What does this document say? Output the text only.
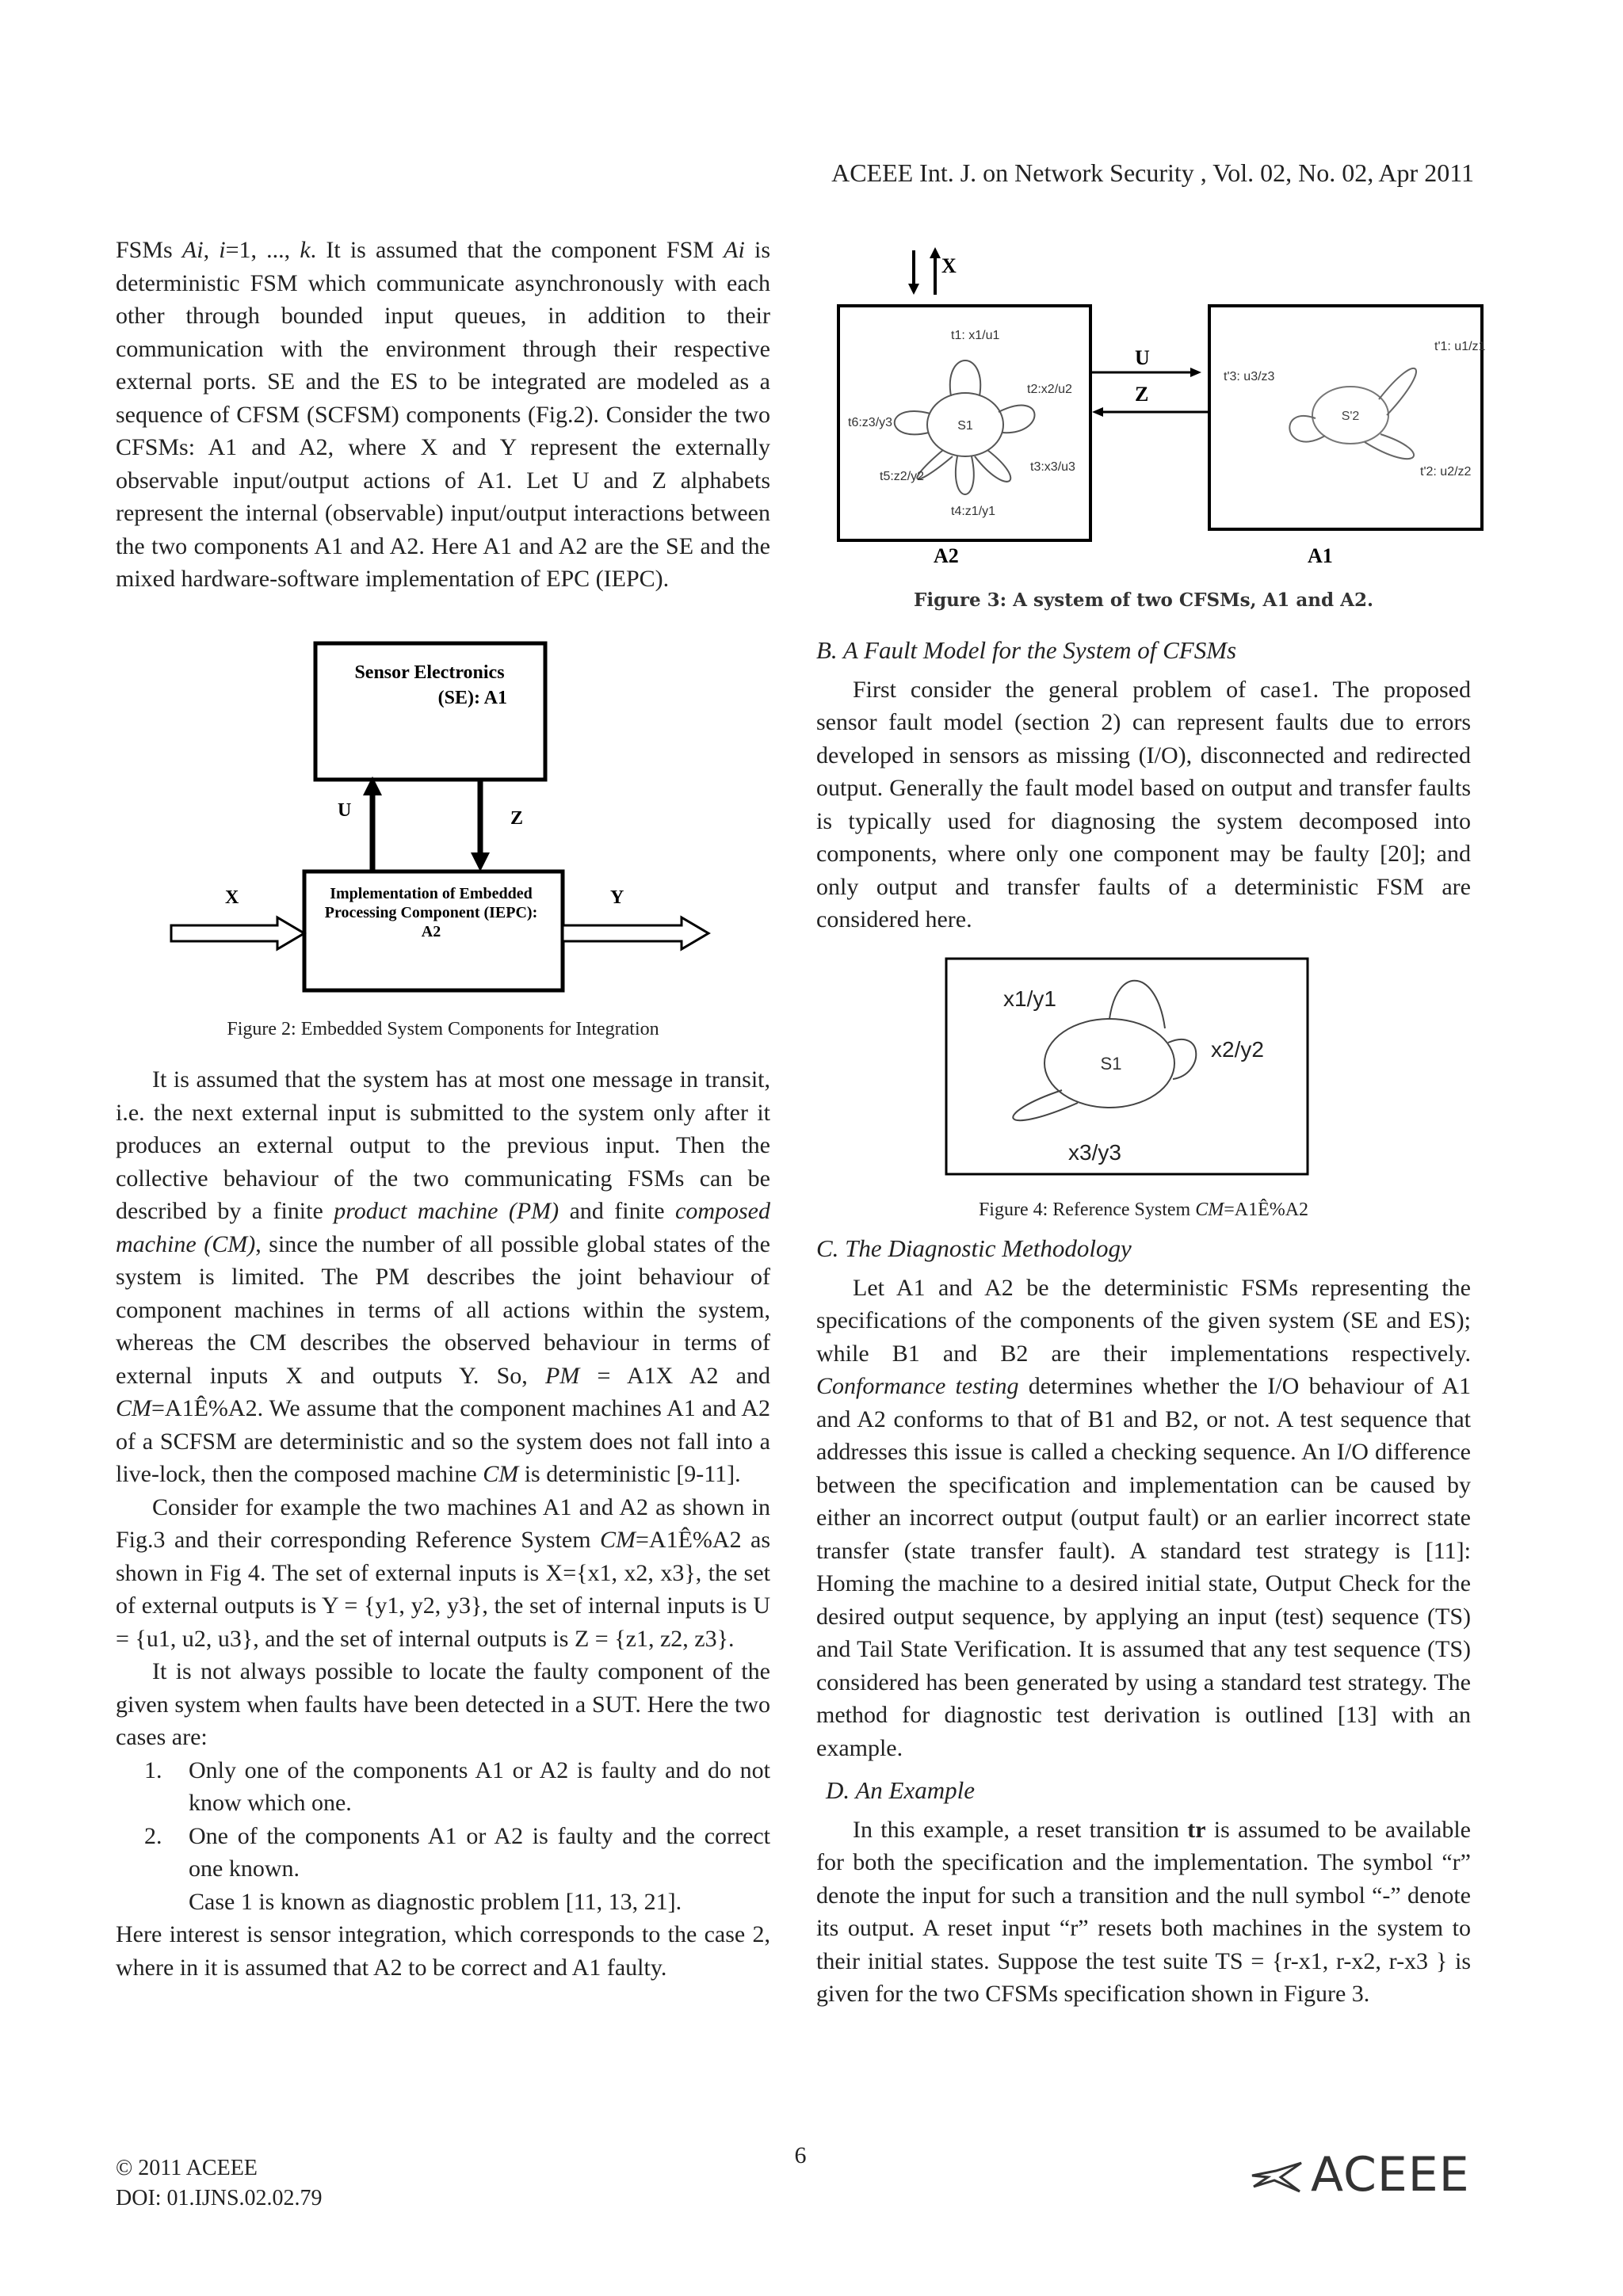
ACEEE Int. J. on Network Security , Vol. 02, No. 02, Apr 2011

FSMs Ai, i=1, ..., k. It is assumed that the component FSM Ai is deterministic FSM which communicate asynchronously with each other through bounded input queues, in addition to their communication with the environment through their respective external ports. SE and the ES to be integrated are modeled as a sequence of CFSM (SCFSM) components (Fig.2). Consider the two CFSMs: A1 and A2, where X and Y represent the externally observable input/output actions of A1. Let U and Z alphabets represent the internal (observable) input/output interactions between the two components A1 and A2. Here A1 and A2 are the SE and the mixed hardware-software implementation of EPC (IEPC).

Sensor Electronics
(SE): A1
Implementation of Embedded
Processing Component (IEPC):
A2
U	Z
X	Y
Figure 2: Embedded System Components for Integration

It is assumed that the system has at most one message in transit, i.e. the next external input is submitted to the system only after it produces an external output to the previous input. Then the collective behaviour of the two communicating FSMs can be described by a finite product machine (PM) and finite composed machine (CM), since the number of all possible global states of the system is limited. The PM describes the joint behaviour of component machines in terms of all actions within the system, whereas the CM describes the observed behaviour in terms of external inputs X and outputs Y. So, PM = A1X A2 and CM=A1Ê%A2. We assume that the component machines A1 and A2 of a SCFSM are deterministic and so the system does not fall into a live-lock, then the composed machine CM is deterministic [9-11].

Consider for example the two machines A1 and A2 as shown in Fig.3 and their corresponding Reference System CM=A1Ê%A2 as shown in Fig 4. The set of external inputs is X={x1, x2, x3}, the set of external outputs is Y = {y1, y2, y3}, the set of internal inputs is U = {u1, u2, u3}, and the set of internal outputs is Z = {z1, z2, z3}.

It is not always possible to locate the faulty component of the given system when faults have been detected in a SUT. Here the two cases are:

1. Only one of the components A1 or A2 is faulty and do not know which one.
2. One of the components A1 or A2 is faulty and the correct one known.

Case 1 is known as diagnostic problem [11, 13, 21].

Here interest is sensor integration, which corresponds to the case 2, where in it is assumed that A2 to be correct and A1 faulty.

X
S1
t1: x1/u1
t2:x2/u2
t3:x3/u3
t4:z1/y1
t5:z2/y2
t6:z3/y3
A2
U
Z
S'2
t'1: u1/z1
t'3: u3/z3
t'2: u2/z2
A1
Figure 3: A system of two CFSMs, A1 and A2.

B. A Fault Model for the System of CFSMs

First consider the general problem of case1. The proposed sensor fault model (section 2) can represent faults due to errors developed in sensors as missing (I/O), disconnected and redirected output. Generally the fault model based on output and transfer faults is typically used for diagnosing the system decomposed into components, where only one component may be faulty [20]; and only output and transfer faults of a deterministic FSM are considered here.

S1
x1/y1
x2/y2
x3/y3
Figure 4: Reference System CM=A1Ê%A2

C. The Diagnostic Methodology

Let A1 and A2 be the deterministic FSMs representing the specifications of the components of the given system (SE and ES); while B1 and B2 are their implementations respectively. Conformance testing determines whether the I/O behaviour of A1 and A2 conforms to that of B1 and B2, or not. A test sequence that addresses this issue is called a checking sequence. An I/O difference between the specification and implementation can be caused by either an incorrect output (output fault) or an earlier incorrect state transfer (state transfer fault). A standard test strategy is [11]: Homing the machine to a desired initial state, Output Check for the desired output sequence, by applying an input (test) sequence (TS) and Tail State Verification. It is assumed that any test sequence (TS) considered has been generated by using a standard test strategy. The method for diagnostic test derivation is outlined [13] with an example.

D. An Example

In this example, a reset transition tr is assumed to be available for both the specification and the implementation. The symbol “r” denote the input for such a transition and the null symbol “-” denote its output. A reset input “r” resets both machines in the system to their initial states. Suppose the test suite TS = {r-x1, r-x2, r-x3 } is given for the two CFSMs specification shown in Figure 3.

© 2011 ACEEE
DOI: 01.IJNS.02.02.79
6	ACEEE
